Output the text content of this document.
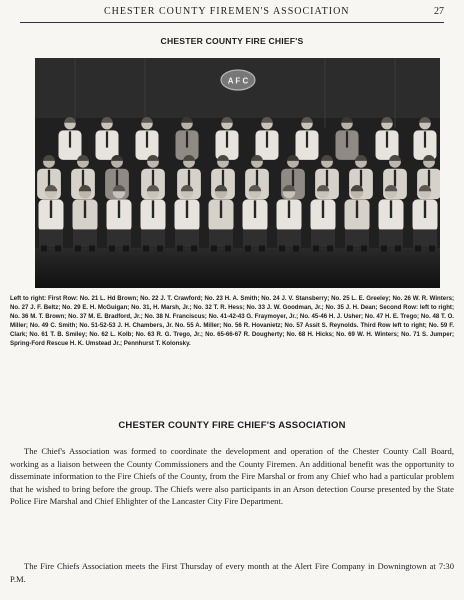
CHESTER COUNTY FIREMEN'S ASSOCIATION	27
CHESTER COUNTY FIRE CHIEF'S
A F C
Left to right: First Row: No. 21 L. Hd Brown; No. 22 J. T. Crawford; No. 23 H. A. Smith; No. 24 J. V. Stansberry; No. 25 L. E. Greeley; No. 26 W. R. Winters; No. 27 J. F. Beltz; No. 29 E. H. McGuigan; No. 31, H. Marsh, Jr.; No. 32 T. R. Hess; No. 33 J. W. Goodman, Jr.; No. 35 J. H. Dean; Second Row: left to right; No. 36 M. T. Brown; No. 37 M. E. Bradford, Jr.; No. 38 N. Franciscus; No. 41-42-43 G. Fraymoyer, Jr.; No. 45-46 H. J. Usher; No. 47 H. E. Trego; No. 48 T. O. Miller; No. 49 C. Smith; No. 51-52-53 J. H. Chambers, Jr. No. 55 A. Miller; No. 56 R. Hovanietz; No. 57 Assit S. Reynolds. Third Row left to right; No. 59 F. Clark; No. 61 T. B. Smiley; No. 62 L. Kolb; No. 63 R. G. Trego, Jr.; No. 65-66-67 R. Dougherty; No. 68 H. Hicks; No. 69 W. H. Winters; No. 71 S. Jumper; Spring-Ford Rescue H. K. Umstead Jr.; Pennhurst T. Kolonsky.
CHESTER COUNTY FIRE CHIEF'S ASSOCIATION
The Chief's Association was formed to coordinate the development and operation of the Chester County Call Board, working as a liaison between the County Commissioners and the County Firemen. An additional benefit was the opportunity to disseminate information to the Fire Chiefs of the County, from the Fire Marshal or from any Chief who had a particular problem that he wished to bring before the group. The Chiefs were also participants in an Arson detection Course presented by the State Police Fire Marshal and Chief Ehlighter of the Lancaster City Fire Department.
The Fire Chiefs Association meets the First Thursday of every month at the Alert Fire Company in Downingtown at 7:30 P.M.
